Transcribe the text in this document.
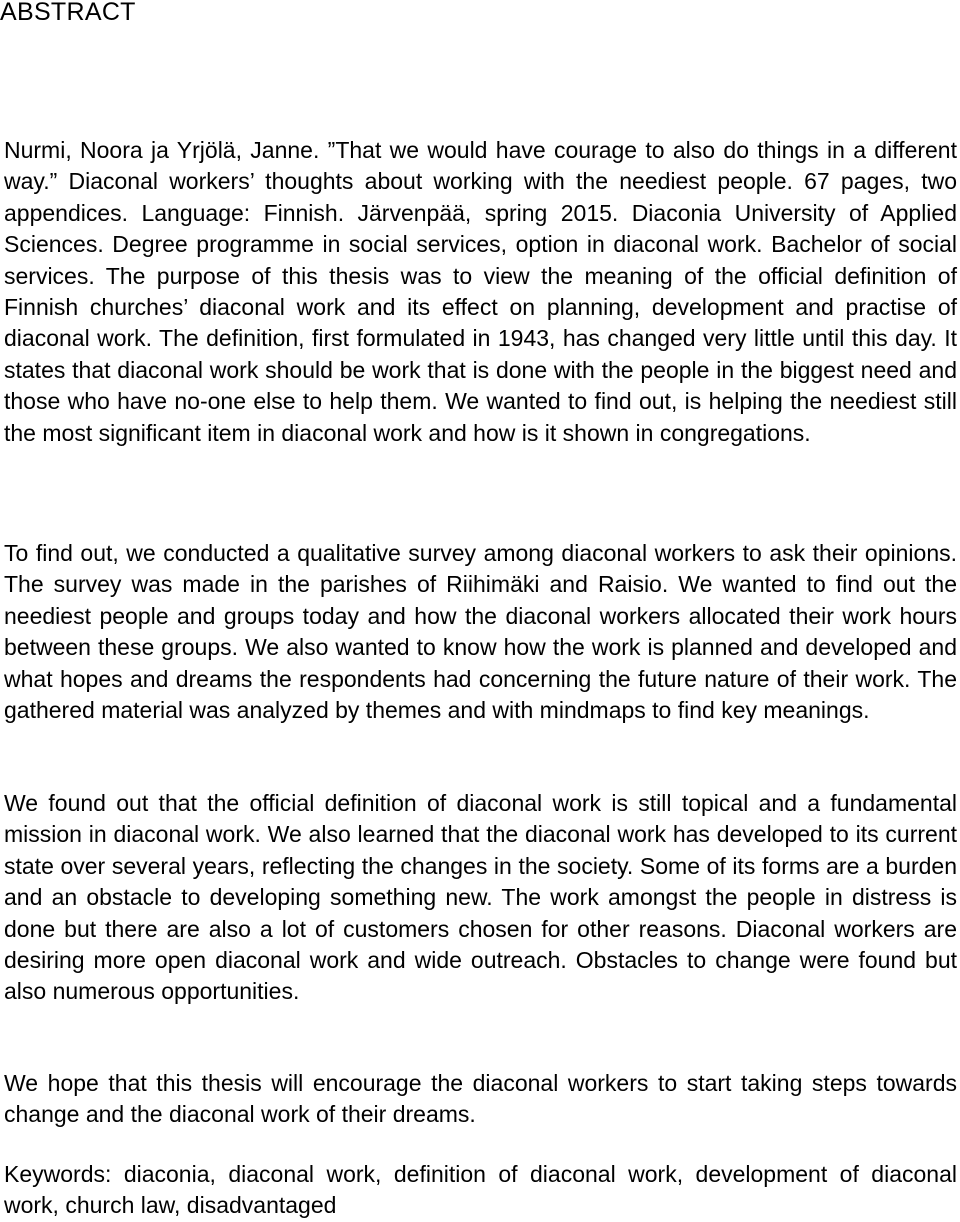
ABSTRACT

Nurmi, Noora ja Yrjölä, Janne. ”That we would have courage to also do things in a different way.” Diaconal workers’ thoughts about working with the neediest people. 67 pages, two appendices. Language: Finnish. Järvenpää, spring 2015. Diaconia University of Applied Sciences. Degree programme in social services, option in diaconal work. Bachelor of social services. The purpose of this thesis was to view the meaning of the official definition of Finnish churches’ diaconal work and its effect on planning, development and practise of diaconal work. The definition, first formulated in 1943, has changed very little until this day. It states that diaconal work should be work that is done with the people in the biggest need and those who have no-one else to help them. We wanted to find out, is helping the neediest still the most significant item in diaconal work and how is it shown in congregations.

To find out, we conducted a qualitative survey among diaconal workers to ask their opinions. The survey was made in the parishes of Riihimäki and Raisio. We wanted to find out the neediest people and groups today and how the diaconal workers allocated their work hours between these groups. We also wanted to know how the work is planned and developed and what hopes and dreams the respondents had concerning the future nature of their work. The gathered material was analyzed by themes and with mindmaps to find key meanings.

We found out that the official definition of diaconal work is still topical and a fundamental mission in diaconal work. We also learned that the diaconal work has developed to its current state over several years, reflecting the changes in the society. Some of its forms are a burden and an obstacle to developing something new. The work amongst the people in distress is done but there are also a lot of customers chosen for other reasons. Diaconal workers are desiring more open diaconal work and wide outreach. Obstacles to change were found but also numerous opportunities.

We hope that this thesis will encourage the diaconal workers to start taking steps towards change and the diaconal work of their dreams.

Keywords: diaconia, diaconal work, definition of diaconal work, development of diaconal work, church law, disadvantaged
